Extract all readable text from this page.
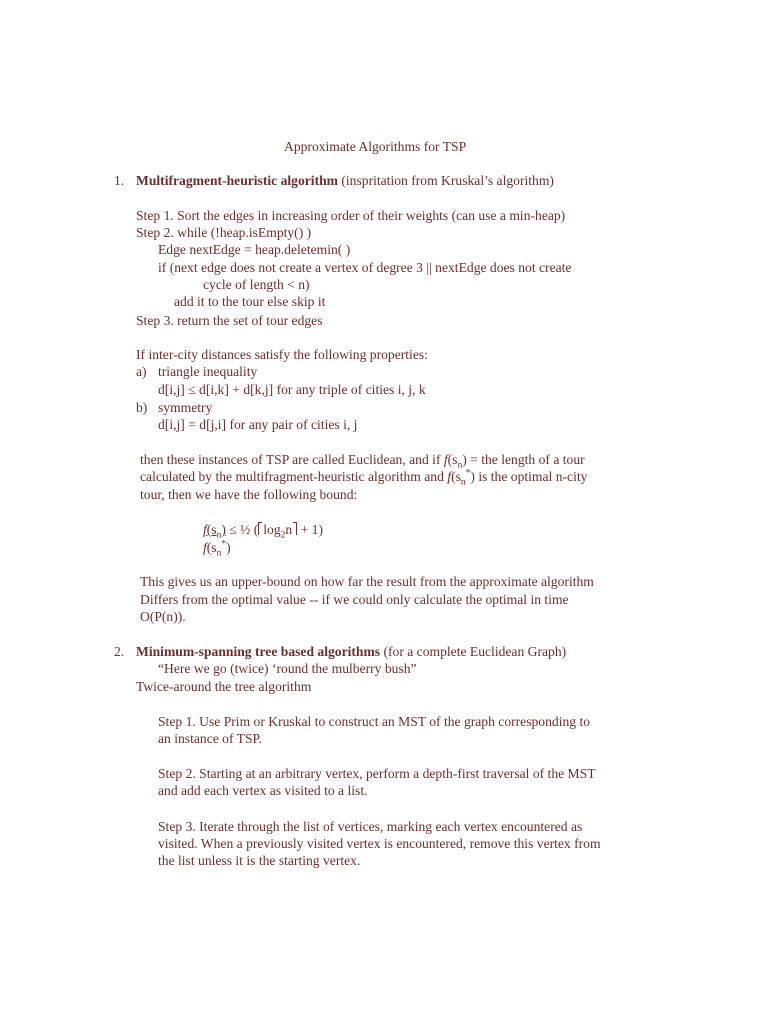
Approximate Algorithms for TSP
1. Multifragment-heuristic algorithm (inspritation from Kruskal’s algorithm)
Step 1. Sort the edges in increasing order of their weights (can use a min-heap)
Step 2. while (!heap.isEmpty() )
Edge nextEdge = heap.deletemin( )
if (next edge does not create a vertex of degree 3 || nextEdge does not create
cycle of length < n)
add it to the tour else skip it
Step 3. return the set of tour edges
If inter-city distances satisfy the following properties:
a) triangle inequality
d[i,j] ≤ d[i,k] + d[k,j] for any triple of cities i, j, k
b) symmetry
d[i,j] = d[j,i] for any pair of cities i, j
then these instances of TSP are called Euclidean, and if $f(s_n)$ = the length of a tour
calculated by the multifragment-heuristic algorithm and $f(s_n^*)$ is the optimal n-city
tour, then we have the following bound:
$f(s_n)$ ≤ ½ ( $\log_2n + 1$)
$f(s_n^*)$
This gives us an upper-bound on how far the result from the approximate algorithm
Differs from the optimal value -- if we could only calculate the optimal in time
O(P(n)).
2. Minimum-spanning tree based algorithms (for a complete Euclidean Graph)
“Here we go (twice) ‘round the mulberry bush”
Twice-around the tree algorithm
Step 1. Use Prim or Kruskal to construct an MST of the graph corresponding to
an instance of TSP.
Step 2. Starting at an arbitrary vertex, perform a depth-first traversal of the MST
and add each vertex as visited to a list.
Step 3. Iterate through the list of vertices, marking each vertex encountered as
visited. When a previously visited vertex is encountered, remove this vertex from
the list unless it is the starting vertex.
